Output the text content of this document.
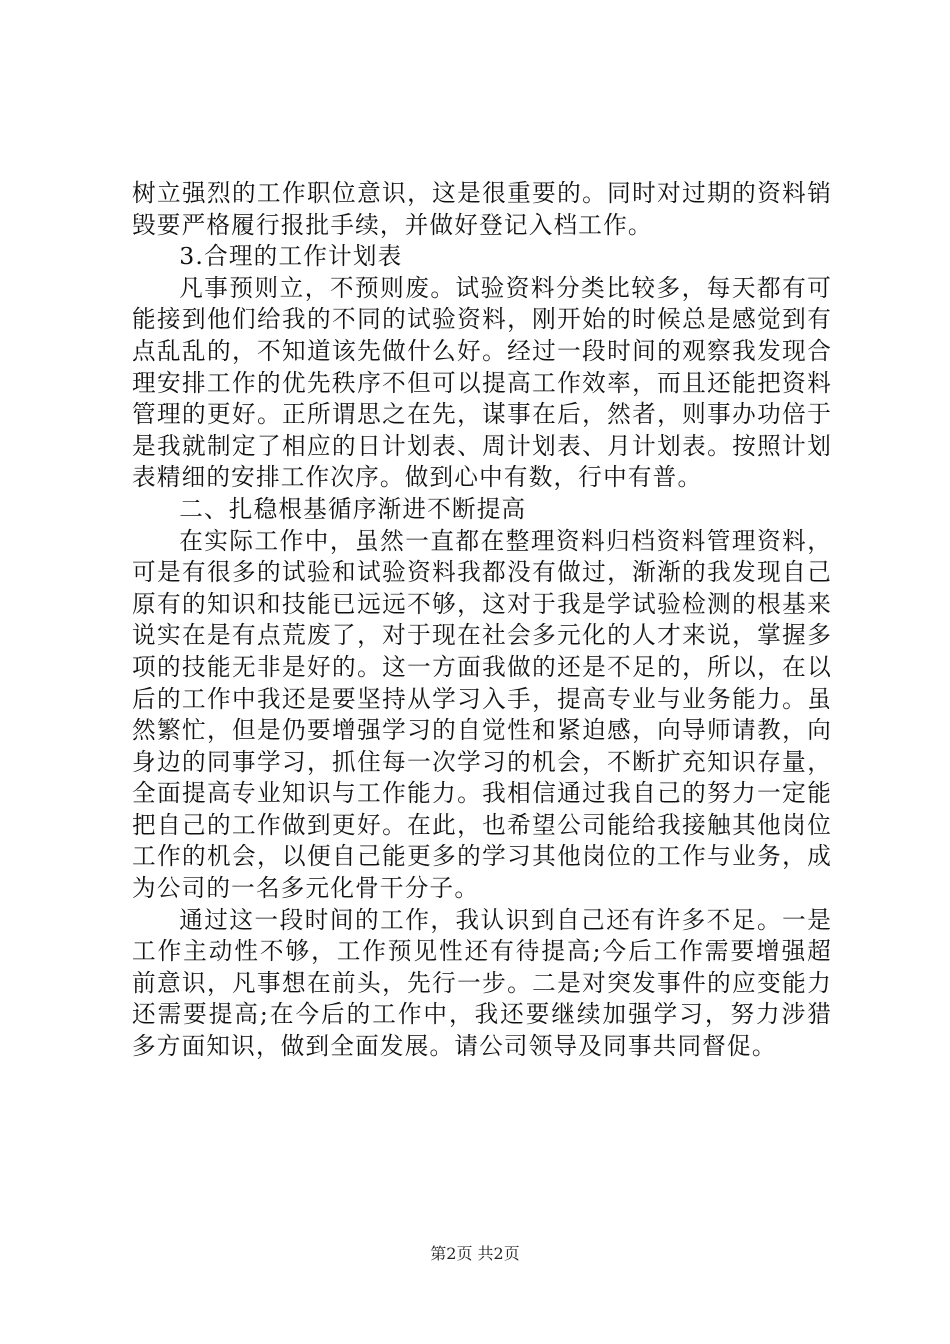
树立强烈的工作职位意识，这是很重要的。同时对过期的资料销毁要严格履行报批手续，并做好登记入档工作。

3.合理的工作计划表

凡事预则立，不预则废。试验资料分类比较多，每天都有可能接到他们给我的不同的试验资料，刚开始的时候总是感觉到有点乱乱的，不知道该先做什么好。经过一段时间的观察我发现合理安排工作的优先秩序不但可以提高工作效率，而且还能把资料管理的更好。正所谓思之在先，谋事在后，然者，则事办功倍于是我就制定了相应的日计划表、周计划表、月计划表。按照计划表精细的安排工作次序。做到心中有数，行中有普。

二、扎稳根基循序渐进不断提高

在实际工作中，虽然一直都在整理资料归档资料管理资料，可是有很多的试验和试验资料我都没有做过，渐渐的我发现自己原有的知识和技能已远远不够，这对于我是学试验检测的根基来说实在是有点荒废了，对于现在社会多元化的人才来说，掌握多项的技能无非是好的。这一方面我做的还是不足的，所以，在以后的工作中我还是要坚持从学习入手，提高专业与业务能力。虽然繁忙，但是仍要增强学习的自觉性和紧迫感，向导师请教，向身边的同事学习，抓住每一次学习的机会，不断扩充知识存量，全面提高专业知识与工作能力。我相信通过我自己的努力一定能把自己的工作做到更好。在此，也希望公司能给我接触其他岗位工作的机会，以便自己能更多的学习其他岗位的工作与业务，成为公司的一名多元化骨干分子。

通过这一段时间的工作，我认识到自己还有许多不足。一是工作主动性不够，工作预见性还有待提高;今后工作需要增强超前意识，凡事想在前头，先行一步。二是对突发事件的应变能力还需要提高;在今后的工作中，我还要继续加强学习，努力涉猎多方面知识，做到全面发展。请公司领导及同事共同督促。

第2页 共2页
